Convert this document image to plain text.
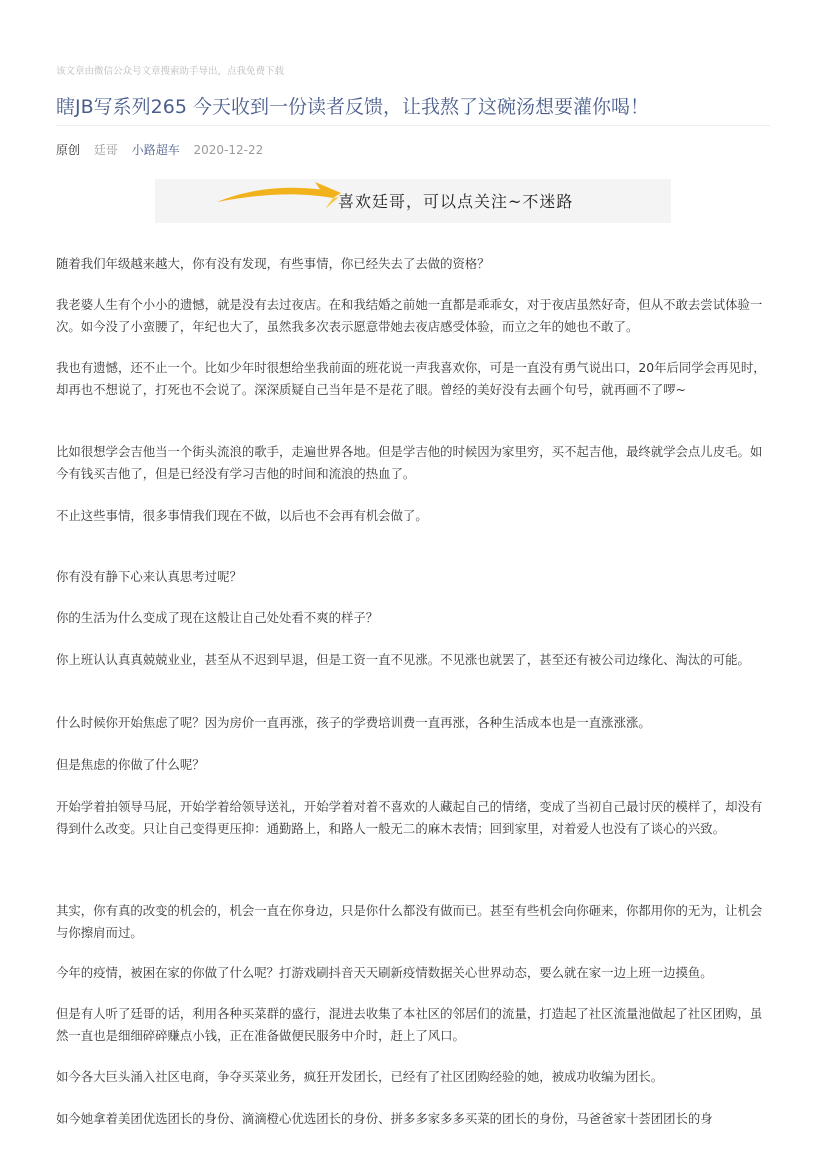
该文章由微信公众号文章搜索助手导出，点我免费下载
瞎JB写系列265 今天收到一份读者反馈，让我熬了这碗汤想要灌你喝！
原创 廷哥 小路超车 2020-12-22
喜欢廷哥，可以点关注~不迷路

随着我们年级越来越大，你有没有发现，有些事情，你已经失去了去做的资格？

我老婆人生有个小小的遗憾，就是没有去过夜店。在和我结婚之前她一直都是乖乖女，对于夜店虽然好奇，但从不敢去尝试体验一次。如今没了小蛮腰了，年纪也大了，虽然我多次表示愿意带她去夜店感受体验，而立之年的她也不敢了。

我也有遗憾，还不止一个。比如少年时很想给坐我前面的班花说一声我喜欢你，可是一直没有勇气说出口，20年后同学会再见时，却再也不想说了，打死也不会说了。深深质疑自己当年是不是花了眼。曾经的美好没有去画个句号，就再画不了啰~

比如很想学会吉他当一个街头流浪的歌手，走遍世界各地。但是学吉他的时候因为家里穷，买不起吉他，最终就学会点儿皮毛。如今有钱买吉他了，但是已经没有学习吉他的时间和流浪的热血了。

不止这些事情，很多事情我们现在不做，以后也不会再有机会做了。

你有没有静下心来认真思考过呢？

你的生活为什么变成了现在这般让自己处处看不爽的样子？

你上班认认真真兢兢业业，甚至从不迟到早退，但是工资一直不见涨。不见涨也就罢了，甚至还有被公司边缘化、淘汰的可能。

什么时候你开始焦虑了呢？因为房价一直再涨，孩子的学费培训费一直再涨，各种生活成本也是一直涨涨涨。

但是焦虑的你做了什么呢？

开始学着拍领导马屁，开始学着给领导送礼，开始学着对着不喜欢的人藏起自己的情绪，变成了当初自己最讨厌的模样了，却没有得到什么改变。只让自己变得更压抑：通勤路上，和路人一般无二的麻木表情；回到家里，对着爱人也没有了谈心的兴致。

其实，你有真的改变的机会的，机会一直在你身边，只是你什么都没有做而已。甚至有些机会向你砸来，你都用你的无为，让机会与你擦肩而过。

今年的疫情，被困在家的你做了什么呢？打游戏刷抖音天天刷新疫情数据关心世界动态，要么就在家一边上班一边摸鱼。

但是有人听了廷哥的话，利用各种买菜群的盛行，混进去收集了本社区的邻居们的流量，打造起了社区流量池做起了社区团购，虽然一直也是细细碎碎赚点小钱，正在准备做便民服务中介时，赶上了风口。

如今各大巨头涌入社区电商，争夺买菜业务，疯狂开发团长，已经有了社区团购经验的她，被成功收编为团长。

如今她拿着美团优选团长的身份、滴滴橙心优选团长的身份、拼多多家多多买菜的团长的身份，马爸爸家十荟团团长的身
